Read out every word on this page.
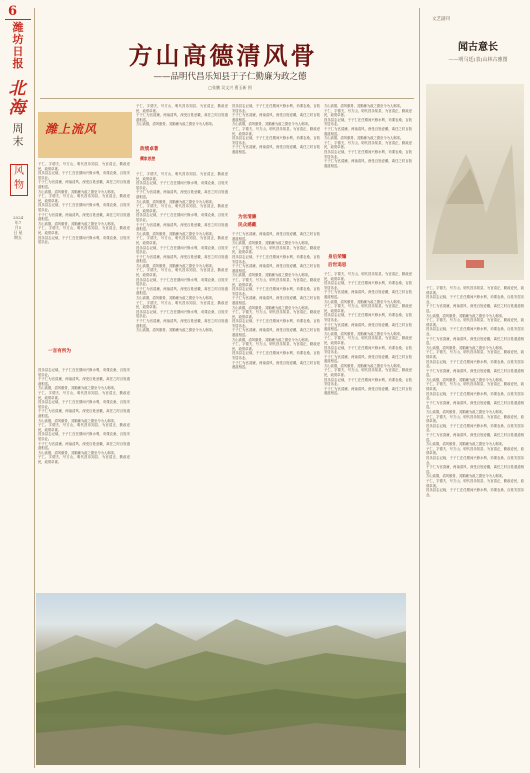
6
潍坊日报
北海
周末
风物
2024年7月5日 星期五
方山高德清风骨
——品明代昌乐知县于子仁勤廉为政之德
□张鹏 吴文兴 曹玉新 图
潍上流风
子仁，字德夫，号方山，明代昌乐知县，为官清正，勤政爱民，政绩卓著。
昌乐县志记载，于子仁在任期间兴修水利，劝课农桑，百姓安居乐业。
于子仁为官清廉，两袖清风，深受百姓爱戴，离任之时百姓遮道相送。
方山高德，清风傲骨，其勤廉为政之德至今为人称颂。
子仁，字德夫，号方山，明代昌乐知县，为官清正，勤政爱民，政绩卓著。
昌乐县志记载，于子仁在任期间兴修水利，劝课农桑，百姓安居乐业。
于子仁为官清廉，两袖清风，深受百姓爱戴，离任之时百姓遮道相送。
方山高德，清风傲骨，其勤廉为政之德至今为人称颂。
子仁，字德夫，号方山，明代昌乐知县，为官清正，勤政爱民，政绩卓著。
昌乐县志记载，于子仁在任期间兴修水利，劝课农桑，百姓安居乐业。
一言有所为
昌乐县志记载，于子仁在任期间兴修水利，劝课农桑，百姓安居乐业。
于子仁为官清廉，两袖清风，深受百姓爱戴，离任之时百姓遮道相送。
方山高德，清风傲骨，其勤廉为政之德至今为人称颂。
子仁，字德夫，号方山，明代昌乐知县，为官清正，勤政爱民，政绩卓著。
昌乐县志记载，于子仁在任期间兴修水利，劝课农桑，百姓安居乐业。
于子仁为官清廉，两袖清风，深受百姓爱戴，离任之时百姓遮道相送。
方山高德，清风傲骨，其勤廉为政之德至今为人称颂。
子仁，字德夫，号方山，明代昌乐知县，为官清正，勤政爱民，政绩卓著。
昌乐县志记载，于子仁在任期间兴修水利，劝课农桑，百姓安居乐业。
于子仁为官清廉，两袖清风，深受百姓爱戴，离任之时百姓遮道相送。
方山高德，清风傲骨，其勤廉为政之德至今为人称颂。
子仁，字德夫，号方山，明代昌乐知县，为官清正，勤政爱民，政绩卓著。
政绩卓著
子仁，字德夫，号方山，明代昌乐知县，为官清正，勤政爱民，政绩卓著。
于子仁为官清廉，两袖清风，深受百姓爱戴，离任之时百姓遮道相送。
方山高德，清风傲骨，其勤廉为政之德至今为人称颂。
子仁，字德夫，号方山，明代昌乐知县，为官清正，勤政爱民，政绩卓著。
昌乐县志记载，于子仁在任期间兴修水利，劝课农桑，百姓安居乐业。
于子仁为官清廉，两袖清风，深受百姓爱戴，离任之时百姓遮道相送。
方山高德，清风傲骨，其勤廉为政之德至今为人称颂。
子仁，字德夫，号方山，明代昌乐知县，为官清正，勤政爱民，政绩卓著。
昌乐县志记载，于子仁在任期间兴修水利，劝课农桑，百姓安居乐业。
于子仁为官清廉，两袖清风，深受百姓爱戴，离任之时百姓遮道相送。
方山高德，清风傲骨，其勤廉为政之德至今为人称颂。
子仁，字德夫，号方山，明代昌乐知县，为官清正，勤政爱民，政绩卓著。
昌乐县志记载，于子仁在任期间兴修水利，劝课农桑，百姓安居乐业。
于子仁为官清廉，两袖清风，深受百姓爱戴，离任之时百姓遮道相送。
方山高德，清风傲骨，其勤廉为政之德至今为人称颂。
子仁，字德夫，号方山，明代昌乐知县，为官清正，勤政爱民，政绩卓著。
昌乐县志记载，于子仁在任期间兴修水利，劝课农桑，百姓安居乐业。
于子仁为官清廉，两袖清风，深受百姓爱戴，离任之时百姓遮道相送。
方山高德，清风傲骨，其勤廉为政之德至今为人称颂。
子仁，字德夫，号方山，明代昌乐知县，为官清正，勤政爱民，政绩卓著。
昌乐县志记载，于子仁在任期间兴修水利，劝课农桑，百姓安居乐业。
于子仁为官清廉，两袖清风，深受百姓爱戴，离任之时百姓遮道相送。
方山高德，清风傲骨，其勤廉为政之德至今为人称颂。
昌乐县志记载，于子仁在任期间兴修水利，劝课农桑，百姓安居乐业。
于子仁为官清廉，两袖清风，深受百姓爱戴，离任之时百姓遮道相送。
方山高德，清风傲骨，其勤廉为政之德至今为人称颂。
子仁，字德夫，号方山，明代昌乐知县，为官清正，勤政爱民，政绩卓著。
昌乐县志记载，于子仁在任期间兴修水利，劝课农桑，百姓安居乐业。
于子仁为官清廉，两袖清风，深受百姓爱戴，离任之时百姓遮道相送。
为官清廉
民众感戴
于子仁为官清廉，两袖清风，深受百姓爱戴，离任之时百姓遮道相送。
方山高德，清风傲骨，其勤廉为政之德至今为人称颂。
子仁，字德夫，号方山，明代昌乐知县，为官清正，勤政爱民，政绩卓著。
昌乐县志记载，于子仁在任期间兴修水利，劝课农桑，百姓安居乐业。
于子仁为官清廉，两袖清风，深受百姓爱戴，离任之时百姓遮道相送。
方山高德，清风傲骨，其勤廉为政之德至今为人称颂。
子仁，字德夫，号方山，明代昌乐知县，为官清正，勤政爱民，政绩卓著。
昌乐县志记载，于子仁在任期间兴修水利，劝课农桑，百姓安居乐业。
于子仁为官清廉，两袖清风，深受百姓爱戴，离任之时百姓遮道相送。
方山高德，清风傲骨，其勤廉为政之德至今为人称颂。
子仁，字德夫，号方山，明代昌乐知县，为官清正，勤政爱民，政绩卓著。
昌乐县志记载，于子仁在任期间兴修水利，劝课农桑，百姓安居乐业。
于子仁为官清廉，两袖清风，深受百姓爱戴，离任之时百姓遮道相送。
方山高德，清风傲骨，其勤廉为政之德至今为人称颂。
子仁，字德夫，号方山，明代昌乐知县，为官清正，勤政爱民，政绩卓著。
昌乐县志记载，于子仁在任期间兴修水利，劝课农桑，百姓安居乐业。
于子仁为官清廉，两袖清风，深受百姓爱戴，离任之时百姓遮道相送。
方山高德，清风傲骨，其勤廉为政之德至今为人称颂。
子仁，字德夫，号方山，明代昌乐知县，为官清正，勤政爱民，政绩卓著。
昌乐县志记载，于子仁在任期间兴修水利，劝课农桑，百姓安居乐业。
于子仁为官清廉，两袖清风，深受百姓爱戴，离任之时百姓遮道相送。
方山高德，清风傲骨，其勤廉为政之德至今为人称颂。
子仁，字德夫，号方山，明代昌乐知县，为官清正，勤政爱民，政绩卓著。
昌乐县志记载，于子仁在任期间兴修水利，劝课农桑，百姓安居乐业。
于子仁为官清廉，两袖清风，深受百姓爱戴，离任之时百姓遮道相送。
身后荣耀
后世追思
子仁，字德夫，号方山，明代昌乐知县，为官清正，勤政爱民，政绩卓著。
昌乐县志记载，于子仁在任期间兴修水利，劝课农桑，百姓安居乐业。
于子仁为官清廉，两袖清风，深受百姓爱戴，离任之时百姓遮道相送。
方山高德，清风傲骨，其勤廉为政之德至今为人称颂。
子仁，字德夫，号方山，明代昌乐知县，为官清正，勤政爱民，政绩卓著。
昌乐县志记载，于子仁在任期间兴修水利，劝课农桑，百姓安居乐业。
于子仁为官清廉，两袖清风，深受百姓爱戴，离任之时百姓遮道相送。
方山高德，清风傲骨，其勤廉为政之德至今为人称颂。
子仁，字德夫，号方山，明代昌乐知县，为官清正，勤政爱民，政绩卓著。
昌乐县志记载，于子仁在任期间兴修水利，劝课农桑，百姓安居乐业。
于子仁为官清廉，两袖清风，深受百姓爱戴，离任之时百姓遮道相送。
方山高德，清风傲骨，其勤廉为政之德至今为人称颂。
子仁，字德夫，号方山，明代昌乐知县，为官清正，勤政爱民，政绩卓著。
昌乐县志记载，于子仁在任期间兴修水利，劝课农桑，百姓安居乐业。
于子仁为官清廉，两袖清风，深受百姓爱戴，离任之时百姓遮道相送。
文艺副刊
闻古意长
——明马廷(表)山林古雅图
子仁，字德夫，号方山，明代昌乐知县，为官清正，勤政爱民，政绩卓著。
昌乐县志记载，于子仁在任期间兴修水利，劝课农桑，百姓安居乐业。
于子仁为官清廉，两袖清风，深受百姓爱戴，离任之时百姓遮道相送。
方山高德，清风傲骨，其勤廉为政之德至今为人称颂。
子仁，字德夫，号方山，明代昌乐知县，为官清正，勤政爱民，政绩卓著。
昌乐县志记载，于子仁在任期间兴修水利，劝课农桑，百姓安居乐业。
于子仁为官清廉，两袖清风，深受百姓爱戴，离任之时百姓遮道相送。
方山高德，清风傲骨，其勤廉为政之德至今为人称颂。
子仁，字德夫，号方山，明代昌乐知县，为官清正，勤政爱民，政绩卓著。
昌乐县志记载，于子仁在任期间兴修水利，劝课农桑，百姓安居乐业。
于子仁为官清廉，两袖清风，深受百姓爱戴，离任之时百姓遮道相送。
方山高德，清风傲骨，其勤廉为政之德至今为人称颂。
子仁，字德夫，号方山，明代昌乐知县，为官清正，勤政爱民，政绩卓著。
昌乐县志记载，于子仁在任期间兴修水利，劝课农桑，百姓安居乐业。
于子仁为官清廉，两袖清风，深受百姓爱戴，离任之时百姓遮道相送。
方山高德，清风傲骨，其勤廉为政之德至今为人称颂。
子仁，字德夫，号方山，明代昌乐知县，为官清正，勤政爱民，政绩卓著。
昌乐县志记载，于子仁在任期间兴修水利，劝课农桑，百姓安居乐业。
于子仁为官清廉，两袖清风，深受百姓爱戴，离任之时百姓遮道相送。
方山高德，清风傲骨，其勤廉为政之德至今为人称颂。
子仁，字德夫，号方山，明代昌乐知县，为官清正，勤政爱民，政绩卓著。
昌乐县志记载，于子仁在任期间兴修水利，劝课农桑，百姓安居乐业。
于子仁为官清廉，两袖清风，深受百姓爱戴，离任之时百姓遮道相送。
方山高德，清风傲骨，其勤廉为政之德至今为人称颂。
子仁，字德夫，号方山，明代昌乐知县，为官清正，勤政爱民，政绩卓著。
昌乐县志记载，于子仁在任期间兴修水利，劝课农桑，百姓安居乐业。
儒家思想
